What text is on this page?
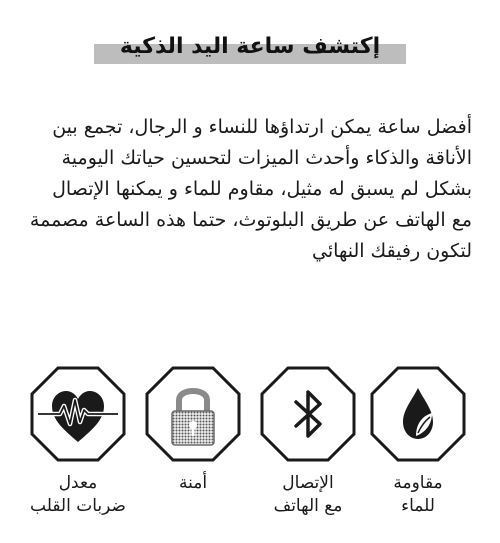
إكتشف ساعة اليد الذكية
أفضل ساعة يمكن ارتداؤها للنساء و الرجال، تجمع بين الأناقة والذكاء وأحدث الميزات لتحسين حياتك اليومية بشكل لم يسبق له مثيل، مقاوم للماء و يمكنها الإتصال مع الهاتف عن طريق البلوتوث، حتما هذه الساعة مصممة لتكون رفيقك النهائي
مقاومة
للماء
الإتصال
مع الهاتف
أمنة
معدل
ضربات القلب
